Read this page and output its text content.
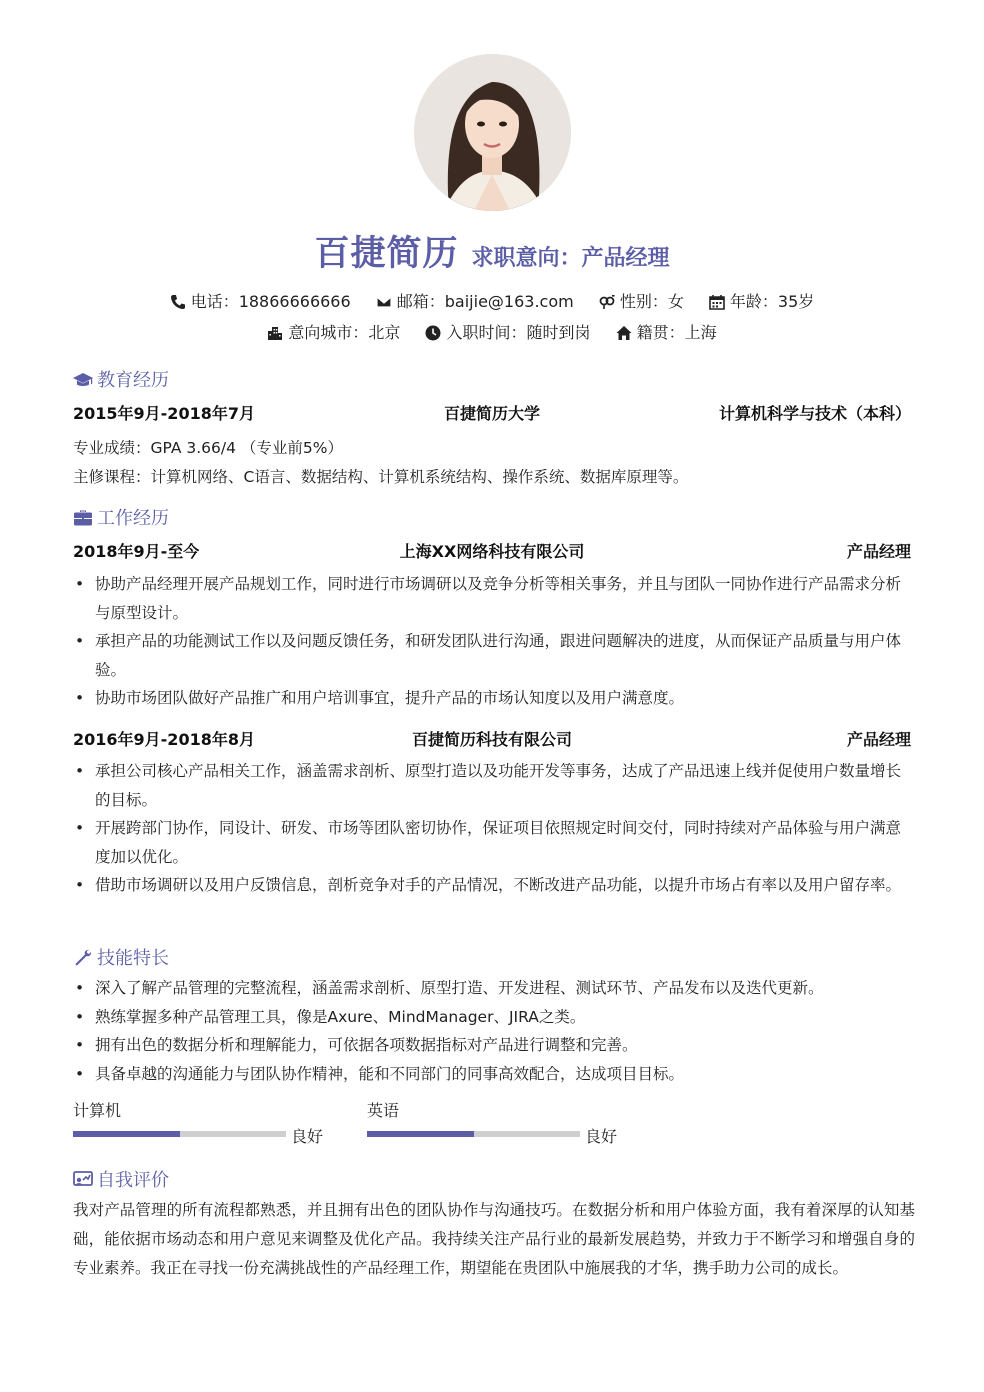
百捷简历 求职意向：产品经理
电话：18866666666	邮箱：baijie@163.com	性别：女	年龄：35岁
意向城市：北京	入职时间：随时到岗	籍贯：上海
教育经历
2015年9月-2018年7月	百捷简历大学	计算机科学与技术（本科）
专业成绩：GPA 3.66/4 （专业前5%）
主修课程：计算机网络、C语言、数据结构、计算机系统结构、操作系统、数据库原理等。
工作经历
2018年9月-至今	上海XX网络科技有限公司	产品经理
• 协助产品经理开展产品规划工作，同时进行市场调研以及竞争分析等相关事务，并且与团队一同协作进行产品需求分析与原型设计。
• 承担产品的功能测试工作以及问题反馈任务，和研发团队进行沟通，跟进问题解决的进度，从而保证产品质量与用户体验。
• 协助市场团队做好产品推广和用户培训事宜，提升产品的市场认知度以及用户满意度。
2016年9月-2018年8月	百捷简历科技有限公司	产品经理
• 承担公司核心产品相关工作，涵盖需求剖析、原型打造以及功能开发等事务，达成了产品迅速上线并促使用户数量增长的目标。
• 开展跨部门协作，同设计、研发、市场等团队密切协作，保证项目依照规定时间交付，同时持续对产品体验与用户满意度加以优化。
• 借助市场调研以及用户反馈信息，剖析竞争对手的产品情况，不断改进产品功能，以提升市场占有率以及用户留存率。
技能特长
• 深入了解产品管理的完整流程，涵盖需求剖析、原型打造、开发进程、测试环节、产品发布以及迭代更新。
• 熟练掌握多种产品管理工具，像是Axure、MindManager、JIRA之类。
• 拥有出色的数据分析和理解能力，可依据各项数据指标对产品进行调整和完善。
• 具备卓越的沟通能力与团队协作精神，能和不同部门的同事高效配合，达成项目目标。
计算机
良好
英语
良好
自我评价
我对产品管理的所有流程都熟悉，并且拥有出色的团队协作与沟通技巧。在数据分析和用户体验方面，我有着深厚的认知基础，能依据市场动态和用户意见来调整及优化产品。我持续关注产品行业的最新发展趋势，并致力于不断学习和增强自身的专业素养。我正在寻找一份充满挑战性的产品经理工作，期望能在贵团队中施展我的才华，携手助力公司的成长。
